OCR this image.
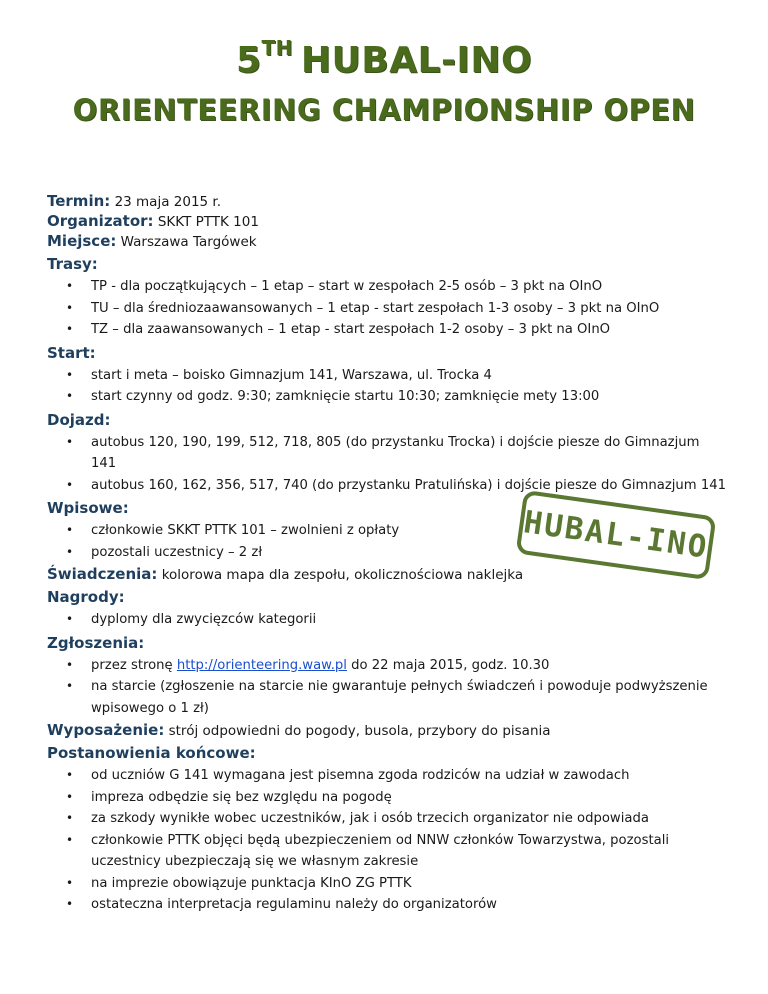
5TH HUBAL-INO
ORIENTEERING CHAMPIONSHIP OPEN
Termin: 23 maja 2015 r.
Organizator: SKKT PTTK 101
Miejsce: Warszawa Targówek
Trasy:
• TP - dla początkujących – 1 etap – start w zespołach 2-5 osób – 3 pkt na OInO
• TU – dla średniozaawansowanych – 1 etap - start zespołach 1-3 osoby – 3 pkt na OInO
• TZ – dla zaawansowanych – 1 etap - start zespołach 1-2 osoby – 3 pkt na OInO
Start:
• start i meta – boisko Gimnazjum 141, Warszawa, ul. Trocka 4
• start czynny od godz. 9:30; zamknięcie startu 10:30; zamknięcie mety 13:00
Dojazd:
• autobus 120, 190, 199, 512, 718, 805 (do przystanku Trocka) i dojście piesze do Gimnazjum 141
• autobus 160, 162, 356, 517, 740 (do przystanku Pratulińska) i dojście piesze do Gimnazjum 141
Wpisowe:
• członkowie SKKT PTTK 101 – zwolnieni z opłaty
• pozostali uczestnicy – 2 zł
Świadczenia: kolorowa mapa dla zespołu, okolicznościowa naklejka
Nagrody:
• dyplomy dla zwycięzców kategorii
Zgłoszenia:
• przez stronę http://orienteering.waw.pl do 22 maja 2015, godz. 10.30
• na starcie (zgłoszenie na starcie nie gwarantuje pełnych świadczeń i powoduje podwyższenie wpisowego o 1 zł)
Wyposażenie: strój odpowiedni do pogody, busola, przybory do pisania
Postanowienia końcowe:
• od uczniów G 141 wymagana jest pisemna zgoda rodziców na udział w zawodach
• impreza odbędzie się bez względu na pogodę
• za szkody wynikłe wobec uczestników, jak i osób trzecich organizator nie odpowiada
• członkowie PTTK objęci będą ubezpieczeniem od NNW członków Towarzystwa, pozostali uczestnicy ubezpieczają się we własnym zakresie
• na imprezie obowiązuje punktacja KInO ZG PTTK
• ostateczna interpretacja regulaminu należy do organizatorów
HUBAL-INO
